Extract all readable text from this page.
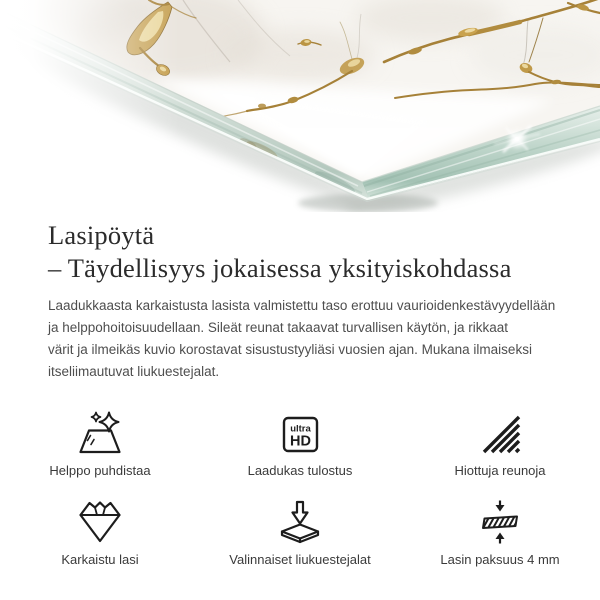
Lasipöytä
– Täydellisyys jokaisessa yksityiskohdassa

Laadukkaasta karkaistusta lasista valmistettu taso erottuu vaurioidenkestävyydellään
ja helppohoitoisuudellaan. Sileät reunat takaavat turvallisen käytön, ja rikkaat
värit ja ilmeikäs kuvio korostavat sisustustyyliäsi vuosien ajan. Mukana ilmaiseksi
itseliimautuvat liukuestejalat.

Helppo puhdistaa
ultra
HD
Laadukas tulostus	Hiottuja reunoja
Karkaistu lasi	Valinnaiset liukuestejalat	Lasin paksuus 4 mm
